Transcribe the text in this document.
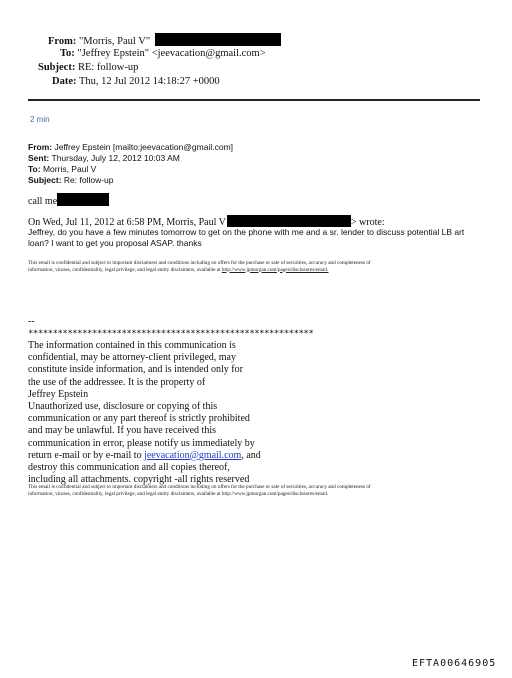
From: "Morris, Paul V"
To: "Jeffrey Epstein" <jeevacation@gmail.com>
Subject: RE: follow-up
Date: Thu, 12 Jul 2012 14:18:27 +0000
2 min
From: Jeffrey Epstein [mailto:jeevacation@gmail.com]
Sent: Thursday, July 12, 2012 10:03 AM
To: Morris, Paul V
Subject: Re: follow-up
call me
On Wed, Jul 11, 2012 at 6:58 PM, Morris, Paul V	> wrote:
Jeffrey, do you have a few minutes tomorrow to get on the phone with me and a sr. lender to discuss potential LB art
loan? I want to get you proposal ASAP. thanks
This email is confidential and subject to important disclaimers and conditions including on offers for the purchase or sale of securities, accuracy and completeness of
information, viruses, confidentiality, legal privilege, and legal entity disclaimers, available at http://www.jpmorgan.com/pages/disclosures/email.
--
**********************************************************
The information contained in this communication is
confidential, may be attorney-client privileged, may
constitute inside information, and is intended only for
the use of the addressee. It is the property of
Jeffrey Epstein
Unauthorized use, disclosure or copying of this
communication or any part thereof is strictly prohibited
and may be unlawful. If you have received this
communication in error, please notify us immediately by
return e-mail or by e-mail to jeevacation@gmail.com, and
destroy this communication and all copies thereof,
including all attachments. copyright -all rights reserved
This email is confidential and subject to important disclaimers and conditions including on offers for the purchase or sale of securities, accuracy and completeness of
information, viruses, confidentiality, legal privilege, and legal entity disclaimers, available at http://www.jpmorgan.com/pages/disclosures/email.
EFTA00646905
